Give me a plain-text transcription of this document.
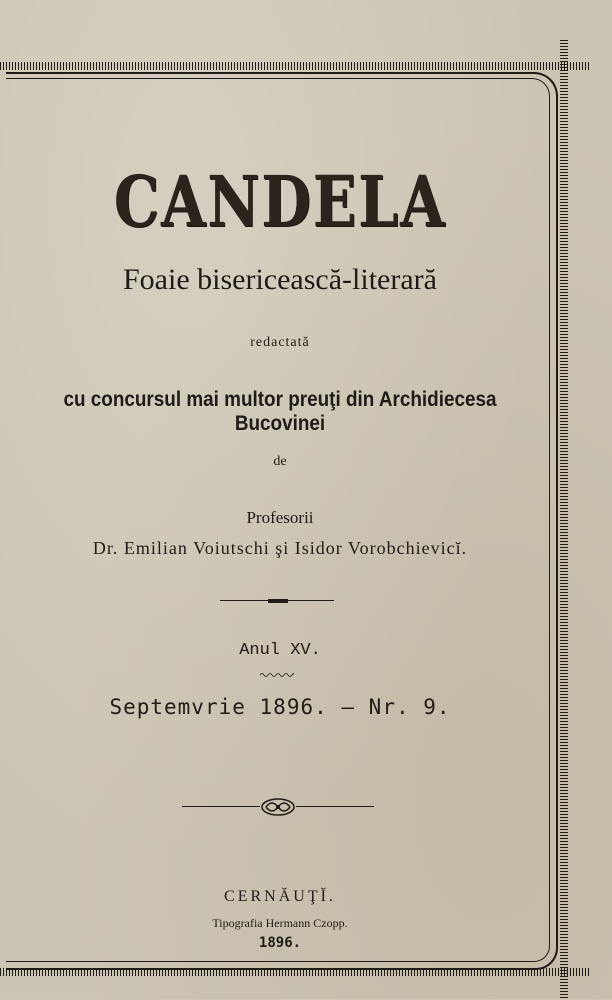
CANDELA
Foaie bisericească-literară
redactată
cu concursul mai multor preuţi din Archidiecesa Bucovinei
de
Profesorii
Dr. Emilian Voiutschi şi Isidor Vorobchievicĭ.
Anul XV.
Septemvrie 1896. — Nr. 9.
CERNĂUŢĬ.
Tipografia Hermann Czopp.
1896.
